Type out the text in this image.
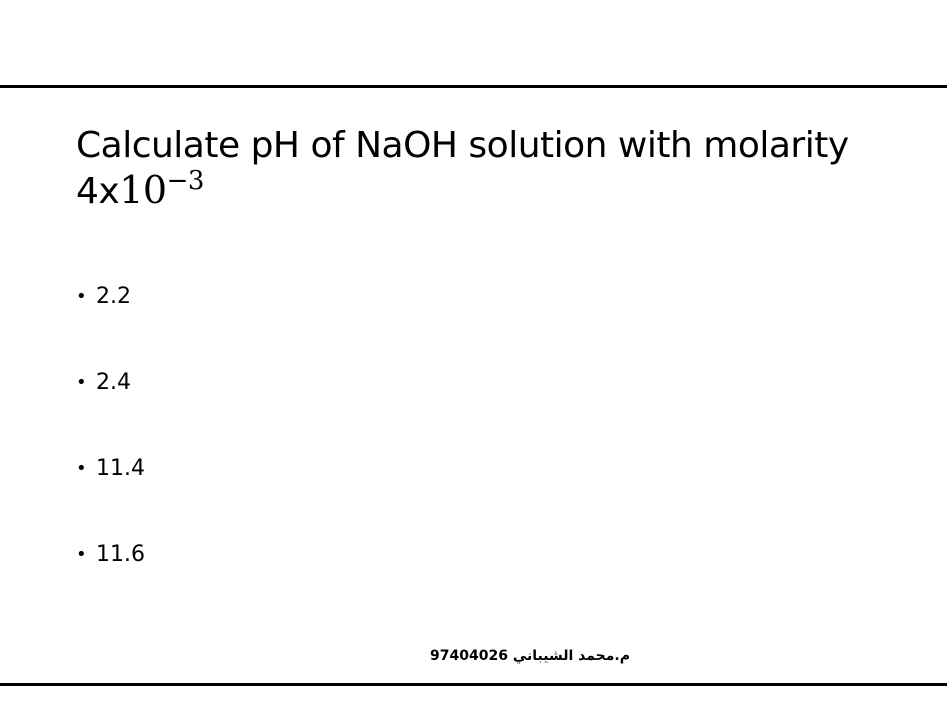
Calculate pH of NaOH solution with molarity
$4x10^{-3}$
• 2.2
• 2.4
• 11.4
• 11.6
م.محمد الشيباني 97404026
